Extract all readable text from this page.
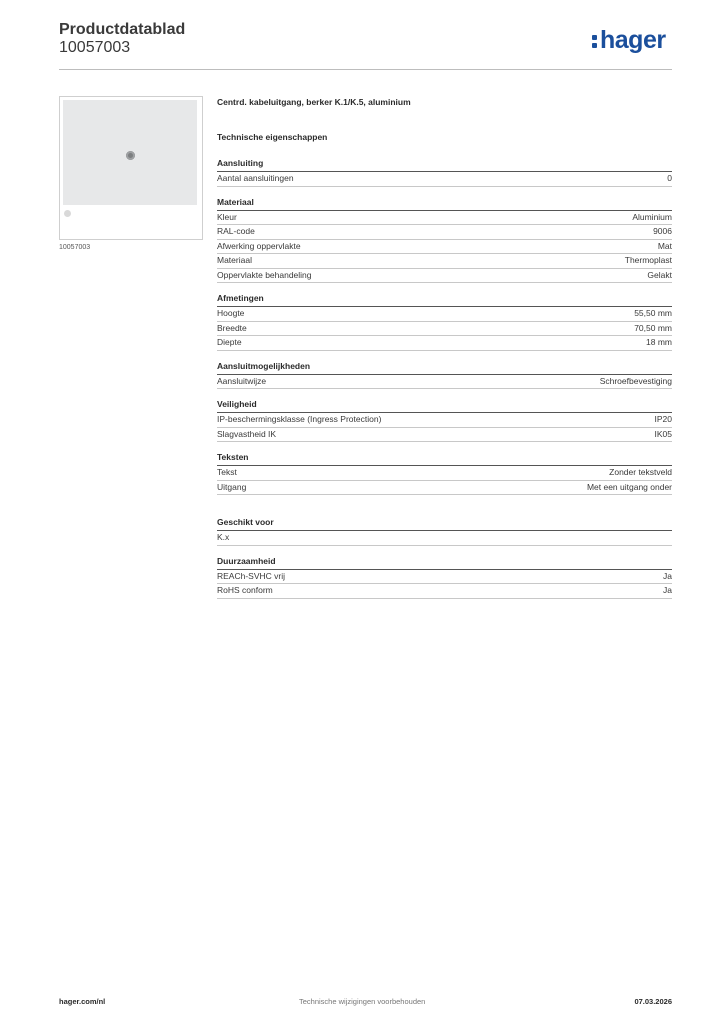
Productdatablad
10057003	hager
10057003
Centrd. kabeluitgang, berker K.1/K.5, aluminium
Technische eigenschappen
Aansluiting
Aantal aansluitingen	0
Materiaal
Kleur	Aluminium
RAL-code	9006
Afwerking oppervlakte	Mat
Materiaal	Thermoplast
Oppervlakte behandeling	Gelakt
Afmetingen
Hoogte	55,50 mm
Breedte	70,50 mm
Diepte	18 mm
Aansluitmogelijkheden
Aansluitwijze	Schroefbevestiging
Veiligheid
IP-beschermingsklasse (Ingress Protection)	IP20
Slagvastheid IK	IK05
Teksten
Tekst	Zonder tekstveld
Uitgang	Met een uitgang onder
Geschikt voor
K.x
Duurzaamheid
REACh-SVHC vrij	Ja
RoHS conform	Ja
hager.com/nl	Technische wijzigingen voorbehouden	07.03.2026
